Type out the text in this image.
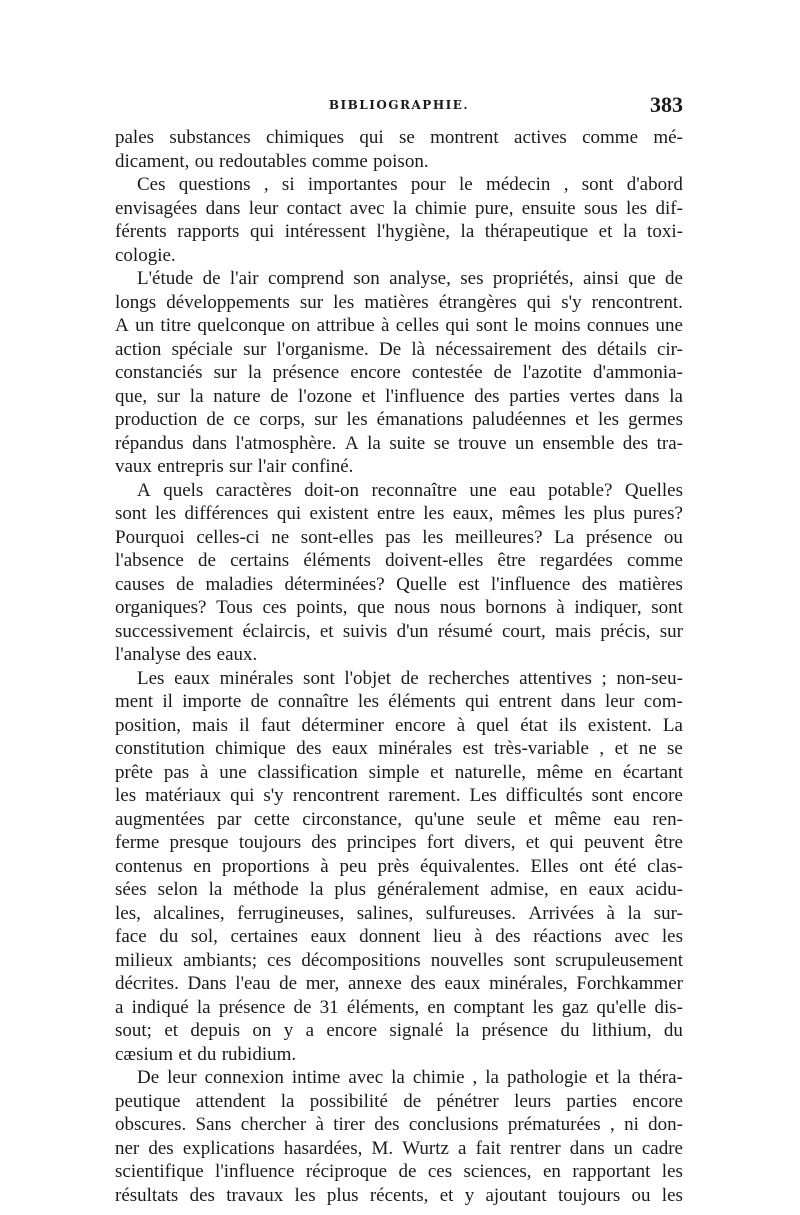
BIBLIOGRAPHIE.	383
pales substances chimiques qui se montrent actives comme mé-
dicament, ou redoutables comme poison.
Ces questions , si importantes pour le médecin , sont d'abord
envisagées dans leur contact avec la chimie pure, ensuite sous les dif-
férents rapports qui intéressent l'hygiène, la thérapeutique et la toxi-
cologie.
L'étude de l'air comprend son analyse, ses propriétés, ainsi que de
longs développements sur les matières étrangères qui s'y rencontrent.
A un titre quelconque on attribue à celles qui sont le moins connues une
action spéciale sur l'organisme. De là nécessairement des détails cir-
constanciés sur la présence encore contestée de l'azotite d'ammonia-
que, sur la nature de l'ozone et l'influence des parties vertes dans la
production de ce corps, sur les émanations paludéennes et les germes
répandus dans l'atmosphère. A la suite se trouve un ensemble des tra-
vaux entrepris sur l'air confiné.
A quels caractères doit-on reconnaître une eau potable? Quelles
sont les différences qui existent entre les eaux, mêmes les plus pures?
Pourquoi celles-ci ne sont-elles pas les meilleures? La présence ou
l'absence de certains éléments doivent-elles être regardées comme
causes de maladies déterminées? Quelle est l'influence des matières
organiques? Tous ces points, que nous nous bornons à indiquer, sont
successivement éclaircis, et suivis d'un résumé court, mais précis, sur
l'analyse des eaux.
Les eaux minérales sont l'objet de recherches attentives ; non-seu-
ment il importe de connaître les éléments qui entrent dans leur com-
position, mais il faut déterminer encore à quel état ils existent. La
constitution chimique des eaux minérales est très-variable , et ne se
prête pas à une classification simple et naturelle, même en écartant
les matériaux qui s'y rencontrent rarement. Les difficultés sont encore
augmentées par cette circonstance, qu'une seule et même eau ren-
ferme presque toujours des principes fort divers, et qui peuvent être
contenus en proportions à peu près équivalentes. Elles ont été clas-
sées selon la méthode la plus généralement admise, en eaux acidu-
les, alcalines, ferrugineuses, salines, sulfureuses. Arrivées à la sur-
face du sol, certaines eaux donnent lieu à des réactions avec les
milieux ambiants; ces décompositions nouvelles sont scrupuleusement
décrites. Dans l'eau de mer, annexe des eaux minérales, Forchkammer
a indiqué la présence de 31 éléments, en comptant les gaz qu'elle dis-
sout; et depuis on y a encore signalé la présence du lithium, du
cæsium et du rubidium.
De leur connexion intime avec la chimie , la pathologie et la théra-
peutique attendent la possibilité de pénétrer leurs parties encore
obscures. Sans chercher à tirer des conclusions prématurées , ni don-
ner des explications hasardées, M. Wurtz a fait rentrer dans un cadre
scientifique l'influence réciproque de ces sciences, en rapportant les
résultats des travaux les plus récents, et y ajoutant toujours ou les
